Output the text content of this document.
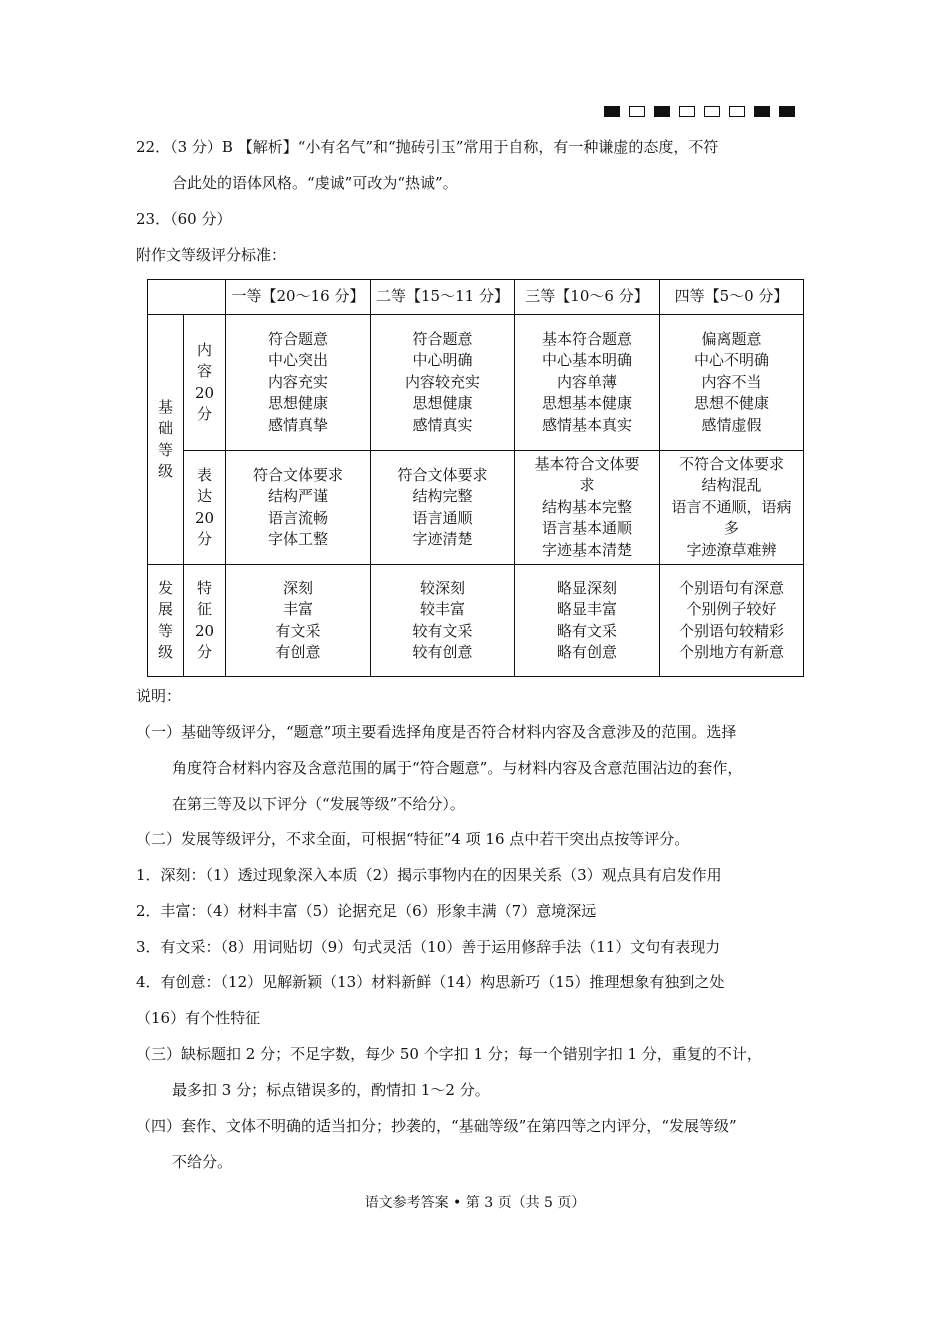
22．（3 分）B 【解析】“小有名气”和“抛砖引玉”常用于自称，有一种谦虚的态度，不符
合此处的语体风格。“虔诚”可改为“热诚”。
23．（60 分）
附作文等级评分标准：
		一等【20～16 分】	二等【15～11 分】	三等【10～6 分】	四等【5～0 分】

基
础
等
级	内
容
20
分	符合题意
中心突出
内容充实
思想健康
感情真挚	符合题意
中心明确
内容较充实
思想健康
感情真实	基本符合题意
中心基本明确
内容单薄
思想基本健康
感情基本真实	偏离题意
中心不明确
内容不当
思想不健康
感情虚假

	表
达
20
分	符合文体要求
结构严谨
语言流畅
字体工整	符合文体要求
结构完整
语言通顺
字迹清楚	基本符合文体要
求
结构基本完整
语言基本通顺
字迹基本清楚	不符合文体要求
结构混乱
语言不通顺，语病
多
字迹潦草难辨

发
展
等
级	特
征
20
分	深刻
丰富
有文采
有创意	较深刻
较丰富
较有文采
较有创意	略显深刻
略显丰富
略有文采
略有创意	个别语句有深意
个别例子较好
个别语句较精彩
个别地方有新意
说明：
（一）基础等级评分，“题意”项主要看选择角度是否符合材料内容及含意涉及的范围。选择
角度符合材料内容及含意范围的属于“符合题意”。与材料内容及含意范围沾边的套作，
在第三等及以下评分（“发展等级”不给分）。
（二）发展等级评分，不求全面，可根据“特征”4 项 16 点中若干突出点按等评分。
1．深刻：（1）透过现象深入本质（2）揭示事物内在的因果关系（3）观点具有启发作用
2．丰富：（4）材料丰富（5）论据充足（6）形象丰满（7）意境深远
3．有文采：（8）用词贴切（9）句式灵活（10）善于运用修辞手法（11）文句有表现力
4．有创意：（12）见解新颖（13）材料新鲜（14）构思新巧（15）推理想象有独到之处
（16）有个性特征
（三）缺标题扣 2 分；不足字数，每少 50 个字扣 1 分；每一个错别字扣 1 分，重复的不计，
最多扣 3 分；标点错误多的，酌情扣 1～2 分。
（四）套作、文体不明确的适当扣分；抄袭的，“基础等级”在第四等之内评分，“发展等级”
不给分。
语文参考答案 • 第 3 页（共 5 页）
